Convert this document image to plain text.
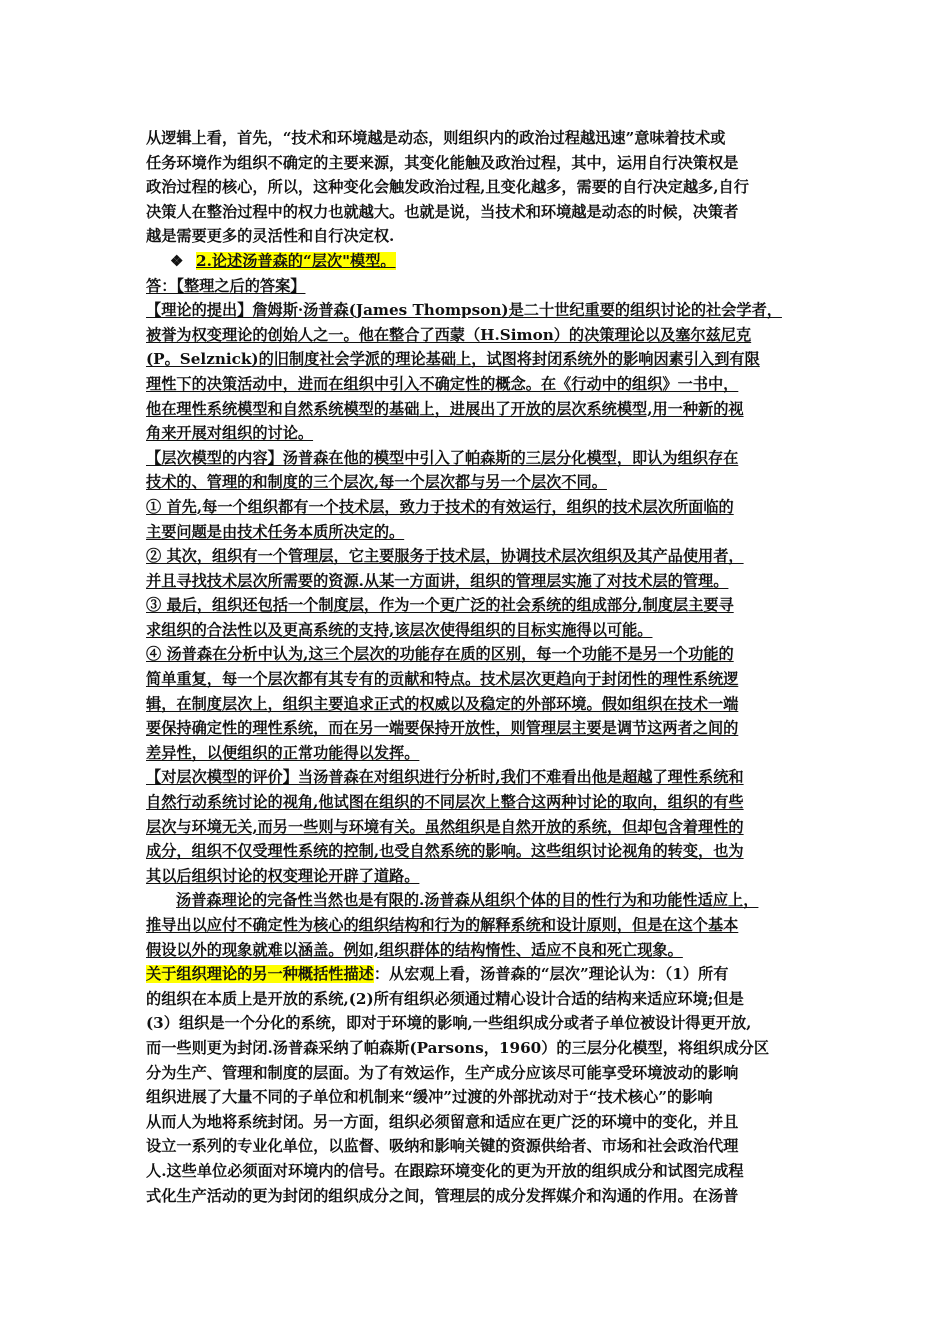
从逻辑上看，首先，“技术和环境越是动态，则组织内的政治过程越迅速”意味着技术或
任务环境作为组织不确定的主要来源，其变化能触及政治过程，其中，运用自行决策权是
政治过程的核心，所以，这种变化会触发政治过程,且变化越多，需要的自行决定越多,自行
决策人在整治过程中的权力也就越大。也就是说，当技术和环境越是动态的时候，决策者
越是需要更多的灵活性和自行决定权.
❖ 2.论述汤普森的“层次"模型。
答：【整理之后的答案】
【理论的提出】詹姆斯·汤普森(James Thompson)是二十世纪重要的组织讨论的社会学者，
被誉为权变理论的创始人之一。他在整合了西蒙（H.Simon）的决策理论以及塞尔兹尼克
(P。Selznick)的旧制度社会学派的理论基础上，试图将封闭系统外的影响因素引入到有限
理性下的决策活动中，进而在组织中引入不确定性的概念。在《行动中的组织》一书中，
他在理性系统模型和自然系统模型的基础上，进展出了开放的层次系统模型,用一种新的视
角来开展对组织的讨论。
【层次模型的内容】汤普森在他的模型中引入了帕森斯的三层分化模型，即认为组织存在
技术的、管理的和制度的三个层次,每一个层次都与另一个层次不同。
① 首先,每一个组织都有一个技术层，致力于技术的有效运行，组织的技术层次所面临的
主要问题是由技术任务本质所决定的。
② 其次，组织有一个管理层，它主要服务于技术层，协调技术层次组织及其产品使用者，
并且寻找技术层次所需要的资源.从某一方面讲，组织的管理层实施了对技术层的管理。
③ 最后，组织还包括一个制度层，作为一个更广泛的社会系统的组成部分,制度层主要寻
求组织的合法性以及更高系统的支持,该层次使得组织的目标实施得以可能。
④ 汤普森在分析中认为,这三个层次的功能存在质的区别，每一个功能不是另一个功能的
简单重复，每一个层次都有其专有的贡献和特点。技术层次更趋向于封闭性的理性系统逻
辑，在制度层次上，组织主要追求正式的权威以及稳定的外部环境。假如组织在技术一端
要保持确定性的理性系统，而在另一端要保持开放性，则管理层主要是调节这两者之间的
差异性，以便组织的正常功能得以发挥。
【对层次模型的评价】当汤普森在对组织进行分析时,我们不难看出他是超越了理性系统和
自然行动系统讨论的视角,他试图在组织的不同层次上整合这两种讨论的取向，组织的有些
层次与环境无关,而另一些则与环境有关。虽然组织是自然开放的系统，但却包含着理性的
成分，组织不仅受理性系统的控制,也受自然系统的影响。这些组织讨论视角的转变，也为
其以后组织讨论的权变理论开辟了道路。
汤普森理论的完备性当然也是有限的.汤普森从组织个体的目的性行为和功能性适应上，
推导出以应付不确定性为核心的组织结构和行为的解释系统和设计原则，但是在这个基本
假设以外的现象就难以涵盖。例如,组织群体的结构惰性、适应不良和死亡现象。
关于组织理论的另一种概括性描述：从宏观上看，汤普森的“层次”理论认为：（1）所有
的组织在本质上是开放的系统,(2)所有组织必须通过精心设计合适的结构来适应环境;但是
(3）组织是一个分化的系统，即对于环境的影响,一些组织成分或者子单位被设计得更开放,
而一些则更为封闭.汤普森采纳了帕森斯(Parsons，1960）的三层分化模型，将组织成分区
分为生产、管理和制度的层面。为了有效运作，生产成分应该尽可能享受环境波动的影响
组织进展了大量不同的子单位和机制来“缓冲”过渡的外部扰动对于“技术核心”的影响
从而人为地将系统封闭。另一方面，组织必须留意和适应在更广泛的环境中的变化，并且
设立一系列的专业化单位，以监督、吸纳和影响关键的资源供给者、市场和社会政治代理
人.这些单位必须面对环境内的信号。在跟踪环境变化的更为开放的组织成分和试图完成程
式化生产活动的更为封闭的组织成分之间，管理层的成分发挥媒介和沟通的作用。在汤普
